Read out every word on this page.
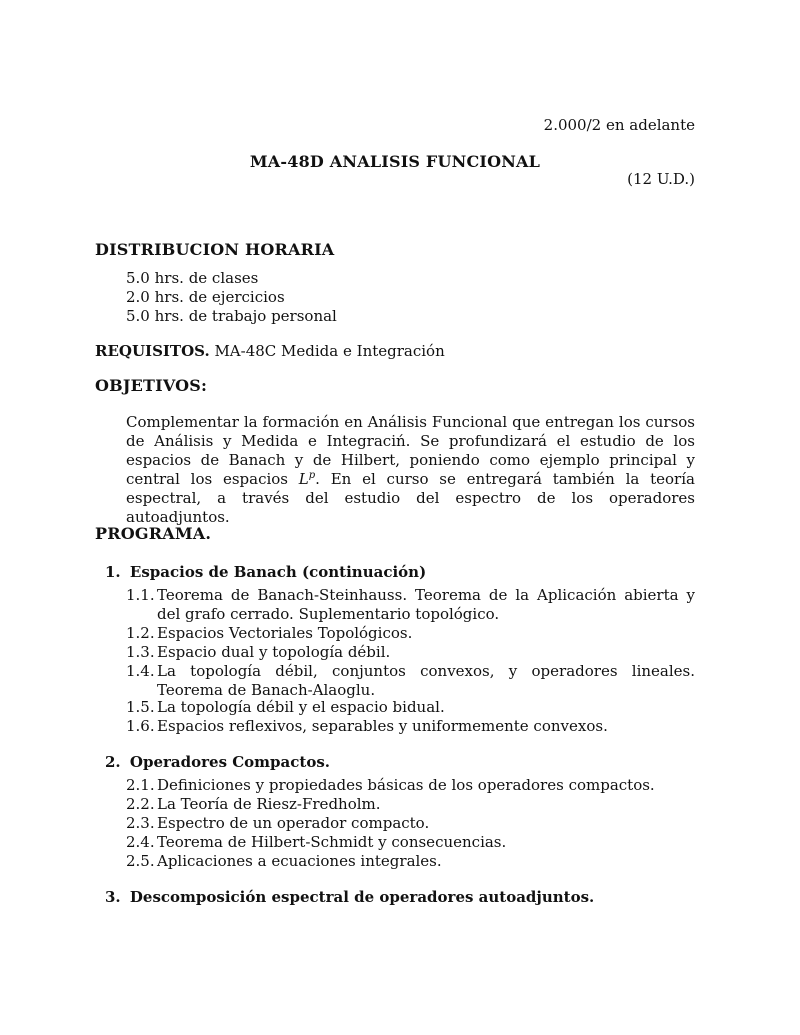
2.000/2 en adelante
MA-48D ANALISIS FUNCIONAL
(12 U.D.)
DISTRIBUCION HORARIA
5.0 hrs. de clases
2.0 hrs. de ejercicios
5.0 hrs. de trabajo personal
REQUISITOS. MA-48C Medida e Integración
OBJETIVOS:
Complementar la formación en Análisis Funcional que entregan los cursos de Análisis y Medida e Integraciń. Se profundizará el estudio de los espacios de Banach y de Hilbert, poniendo como ejemplo principal y central los espacios $L^p$. En el curso se entregará también la teoría espectral, a través del estudio del espectro de los operadores autoadjuntos.
PROGRAMA.
1. Espacios de Banach (continuación)
1.1. Teorema de Banach-Steinhauss. Teorema de la Aplicación abierta y del grafo cerrado. Suplementario topológico.
1.2. Espacios Vectoriales Topológicos.
1.3. Espacio dual y topología débil.
1.4. La topología débil, conjuntos convexos, y operadores lineales. Teorema de Banach-Alaoglu.
1.5. La topología débil y el espacio bidual.
1.6. Espacios reflexivos, separables y uniformemente convexos.
2. Operadores Compactos.
2.1. Definiciones y propiedades básicas de los operadores compactos.
2.2. La Teoría de Riesz-Fredholm.
2.3. Espectro de un operador compacto.
2.4. Teorema de Hilbert-Schmidt y consecuencias.
2.5. Aplicaciones a ecuaciones integrales.
3. Descomposición espectral de operadores autoadjuntos.
